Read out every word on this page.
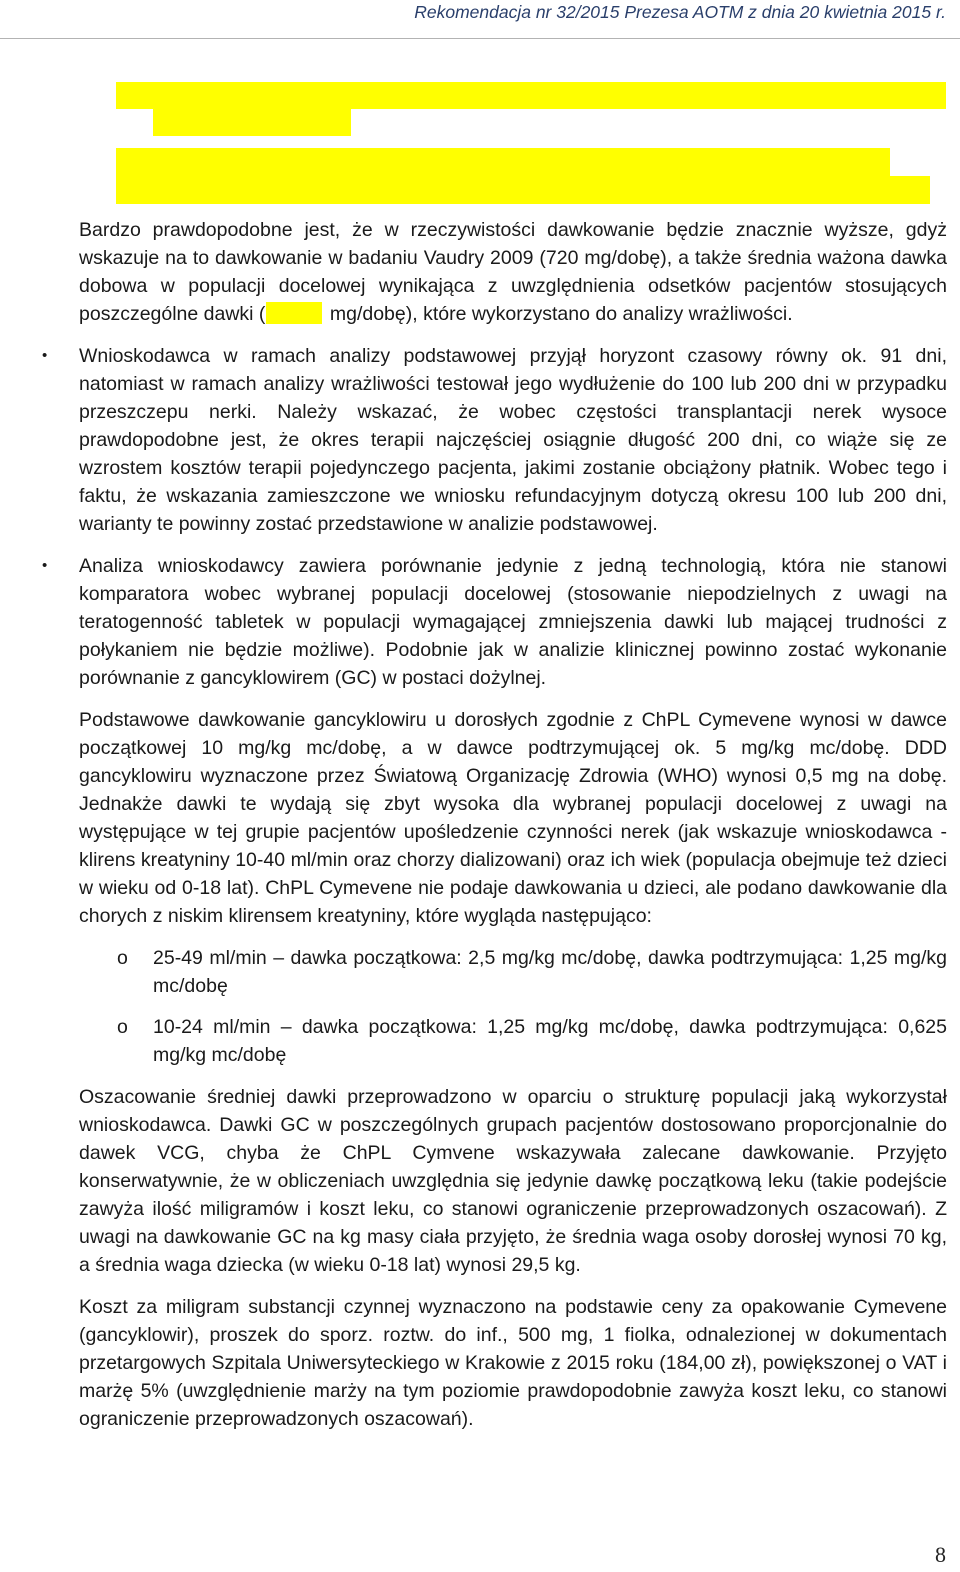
Rekomendacja nr 32/2015 Prezesa AOTM z dnia 20 kwietnia 2015 r.

Bardzo prawdopodobne jest, że w rzeczywistości dawkowanie będzie znacznie wyższe, gdyż wskazuje na to dawkowanie w badaniu Vaudry 2009 (720 mg/dobę), a także średnia ważona dawka dobowa w populacji docelowej wynikająca z uwzględnienia odsetków pacjentów stosujących poszczególne dawki (	mg/dobę), które wykorzystano do analizy wrażliwości.

• Wnioskodawca w ramach analizy podstawowej przyjął horyzont czasowy równy ok. 91 dni, natomiast w ramach analizy wrażliwości testował jego wydłużenie do 100 lub 200 dni w przypadku przeszczepu nerki. Należy wskazać, że wobec częstości transplantacji nerek wysoce prawdopodobne jest, że okres terapii najczęściej osiągnie długość 200 dni, co wiąże się ze wzrostem kosztów terapii pojedynczego pacjenta, jakimi zostanie obciążony płatnik. Wobec tego i faktu, że wskazania zamieszczone we wniosku refundacyjnym dotyczą okresu 100 lub 200 dni, warianty te powinny zostać przedstawione w analizie podstawowej.
• Analiza wnioskodawcy zawiera porównanie jedynie z jedną technologią, która nie stanowi komparatora wobec wybranej populacji docelowej (stosowanie niepodzielnych z uwagi na teratogenność tabletek w populacji wymagającej zmniejszenia dawki lub mającej trudności z połykaniem nie będzie możliwe). Podobnie jak w analizie klinicznej powinno zostać wykonanie porównanie z gancyklowirem (GC) w postaci dożylnej.

Podstawowe dawkowanie gancyklowiru u dorosłych zgodnie z ChPL Cymevene wynosi w dawce początkowej 10 mg/kg mc/dobę, a w dawce podtrzymującej ok. 5 mg/kg mc/dobę. DDD gancyklowiru wyznaczone przez Światową Organizację Zdrowia (WHO) wynosi 0,5 mg na dobę. Jednakże dawki te wydają się zbyt wysoka dla wybranej populacji docelowej z uwagi na występujące w tej grupie pacjentów upośledzenie czynności nerek (jak wskazuje wnioskodawca - klirens kreatyniny 10-40 ml/min oraz chorzy dializowani) oraz ich wiek (populacja obejmuje też dzieci w wieku od 0-18 lat). ChPL Cymevene nie podaje dawkowania u dzieci, ale podano dawkowanie dla chorych z niskim klirensem kreatyniny, które wygląda następująco:

o 25-49 ml/min – dawka początkowa: 2,5 mg/kg mc/dobę, dawka podtrzymująca: 1,25 mg/kg mc/dobę
o 10-24 ml/min – dawka początkowa: 1,25 mg/kg mc/dobę, dawka podtrzymująca: 0,625 mg/kg mc/dobę

Oszacowanie średniej dawki przeprowadzono w oparciu o strukturę populacji jaką wykorzystał wnioskodawca. Dawki GC w poszczególnych grupach pacjentów dostosowano proporcjonalnie do dawek VCG, chyba że ChPL Cymvene wskazywała zalecane dawkowanie. Przyjęto konserwatywnie, że w obliczeniach uwzględnia się jedynie dawkę początkową leku (takie podejście zawyża ilość miligramów i koszt leku, co stanowi ograniczenie przeprowadzonych oszacowań). Z uwagi na dawkowanie GC na kg masy ciała przyjęto, że średnia waga osoby dorosłej wynosi 70 kg, a średnia waga dziecka (w wieku 0-18 lat) wynosi 29,5 kg.

Koszt za miligram substancji czynnej wyznaczono na podstawie ceny za opakowanie Cymevene (gancyklowir), proszek do sporz. roztw. do inf., 500 mg, 1 fiolka, odnalezionej w dokumentach przetargowych Szpitala Uniwersyteckiego w Krakowie z 2015 roku (184,00 zł), powiększonej o VAT i marżę 5% (uwzględnienie marży na tym poziomie prawdopodobnie zawyża koszt leku, co stanowi ograniczenie przeprowadzonych oszacowań).

8
